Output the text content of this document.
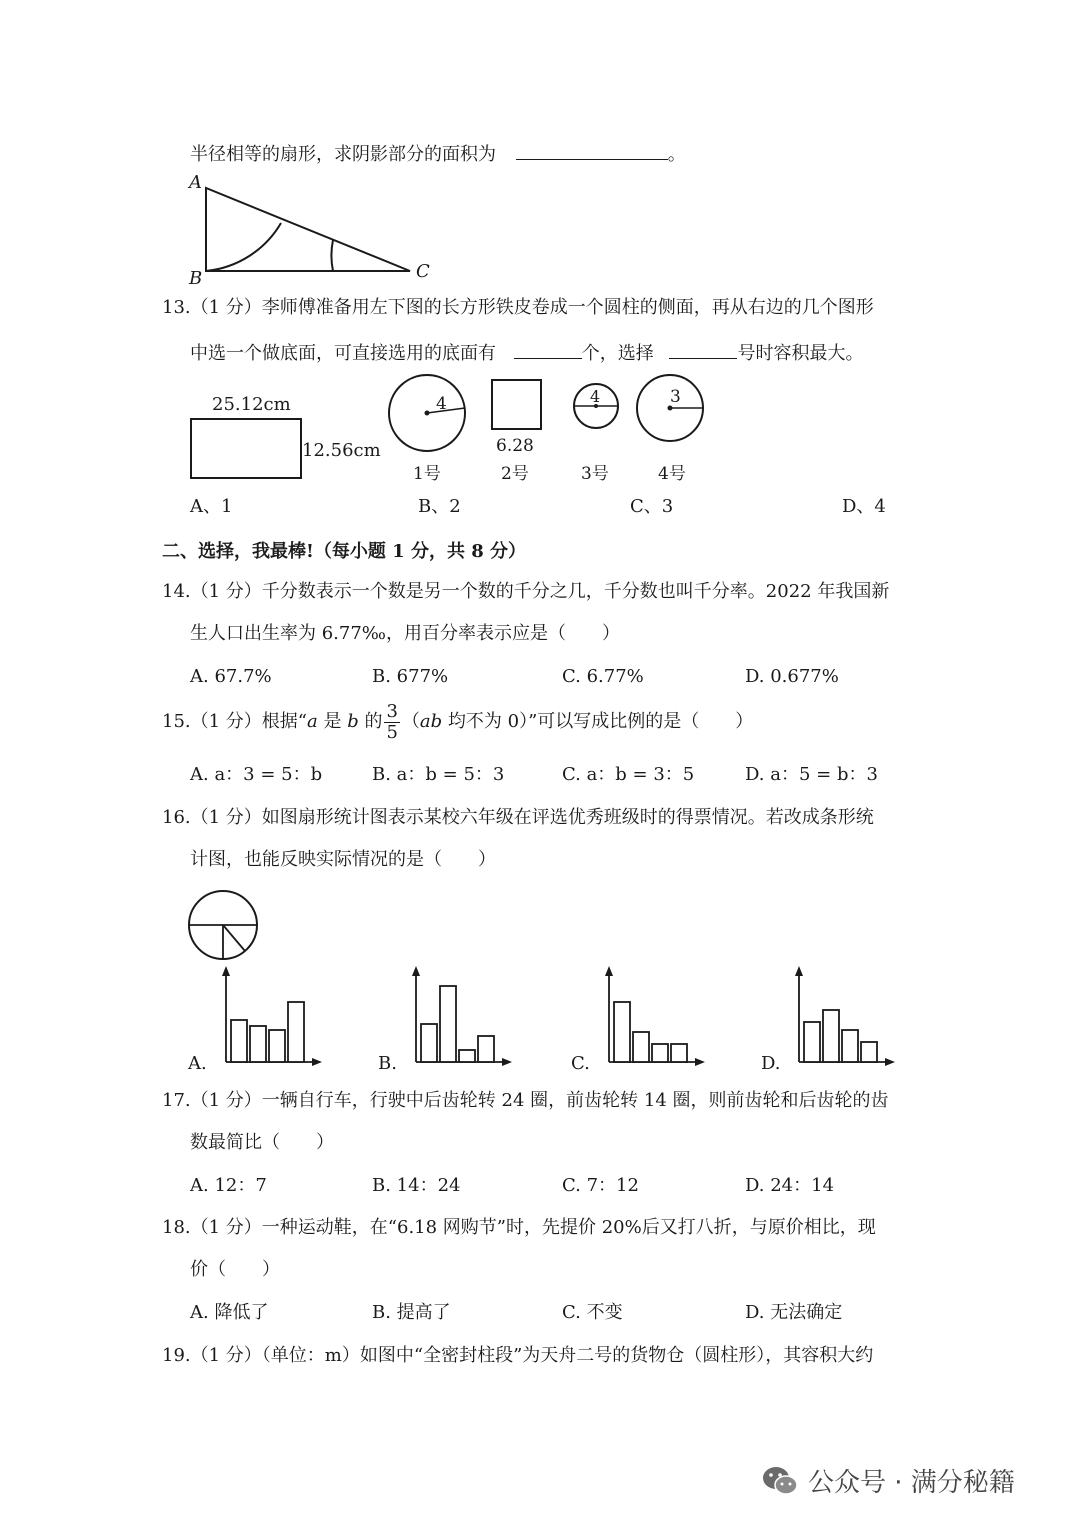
半径相等的扇形，求阴影部分的面积为	。
A
B	C
13.（1 分）李师傅准备用左下图的长方形铁皮卷成一个圆柱的侧面，再从右边的几个图形
中选一个做底面，可直接选用的底面有	个，选择	号时容积最大。
25.12cm
12.56cm
4
1号
6.28
2号
4
3号
3
4号
A、1	B、2	C、3	D、4
二、选择，我最棒!（每小题 1 分，共 8 分）
14.（1 分）千分数表示一个数是另一个数的千分之几，千分数也叫千分率。2022 年我国新
生人口出生率为 6.77‰，用百分率表示应是（　　）
A. 67.7%	B. 677%	C. 6.77%	D. 0.677%
15.（1 分）根据“a 是 b 的 $\frac{3}{5} (ab$ 均不为 0）”可以写成比例的是（　　）
A. a：3 = 5：b	B. a：b = 5：3	C. a：b = 3：5	D. a：5 = b：3
16.（1 分）如图扇形统计图表示某校六年级在评选优秀班级时的得票情况。若改成条形统
计图，也能反映实际情况的是（　　）
A.	B.	C.	D.
17.（1 分）一辆自行车，行驶中后齿轮转 24 圈，前齿轮转 14 圈，则前齿轮和后齿轮的齿
数最简比（　　）
A. 12：7	B. 14：24	C. 7：12	D. 24：14
18.（1 分）一种运动鞋，在“6.18 网购节”时，先提价 20%后又打八折，与原价相比，现
价（　　）
A. 降低了	B. 提高了	C. 不变	D. 无法确定
19.（1 分）（单位：m）如图中“全密封柱段”为天舟二号的货物仓（圆柱形），其容积大约
公众号 · 满分秘籍
